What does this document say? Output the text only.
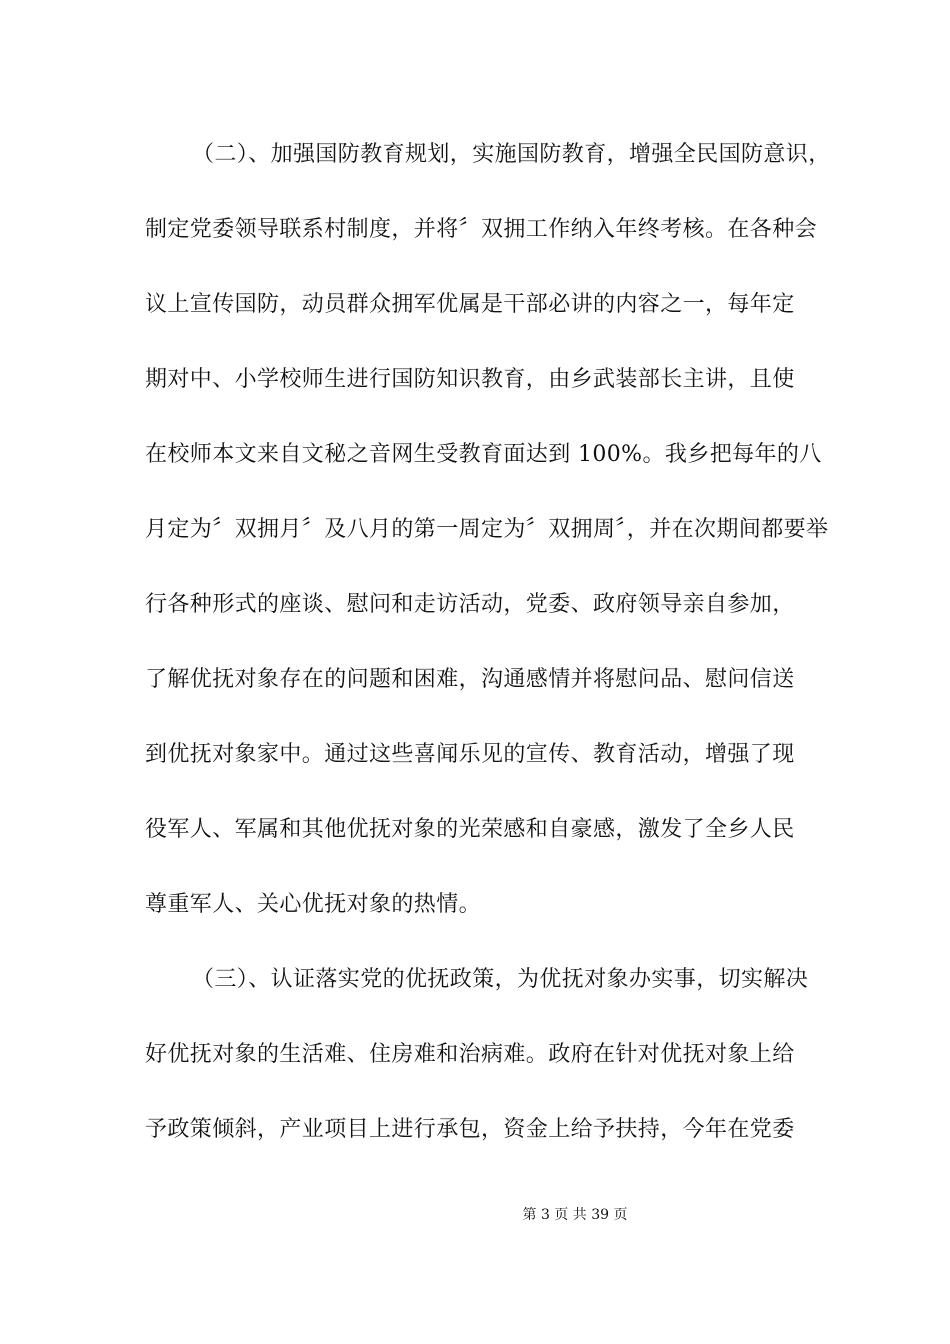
（二）、加强国防教育规划，实施国防教育，增强全民国防意识，
制定党委领导联系村制度，并将〞双拥工作纳入年终考核。在各种会
议上宣传国防，动员群众拥军优属是干部必讲的内容之一，每年定
期对中、小学校师生进行国防知识教育，由乡武装部长主讲，且使
在校师本文来自文秘之音网生受教育面达到 100%。我乡把每年的八
月定为〞双拥月〞及八月的第一周定为〞双拥周〞，并在次期间都要举
行各种形式的座谈、慰问和走访活动，党委、政府领导亲自参加，
了解优抚对象存在的问题和困难，沟通感情并将慰问品、慰问信送
到优抚对象家中。通过这些喜闻乐见的宣传、教育活动，增强了现
役军人、军属和其他优抚对象的光荣感和自豪感，激发了全乡人民
尊重军人、关心优抚对象的热情。
（三）、认证落实党的优抚政策，为优抚对象办实事，切实解决
好优抚对象的生活难、住房难和治病难。政府在针对优抚对象上给
予政策倾斜，产业项目上进行承包，资金上给予扶持，今年在党委
第 3 页 共 39 页
